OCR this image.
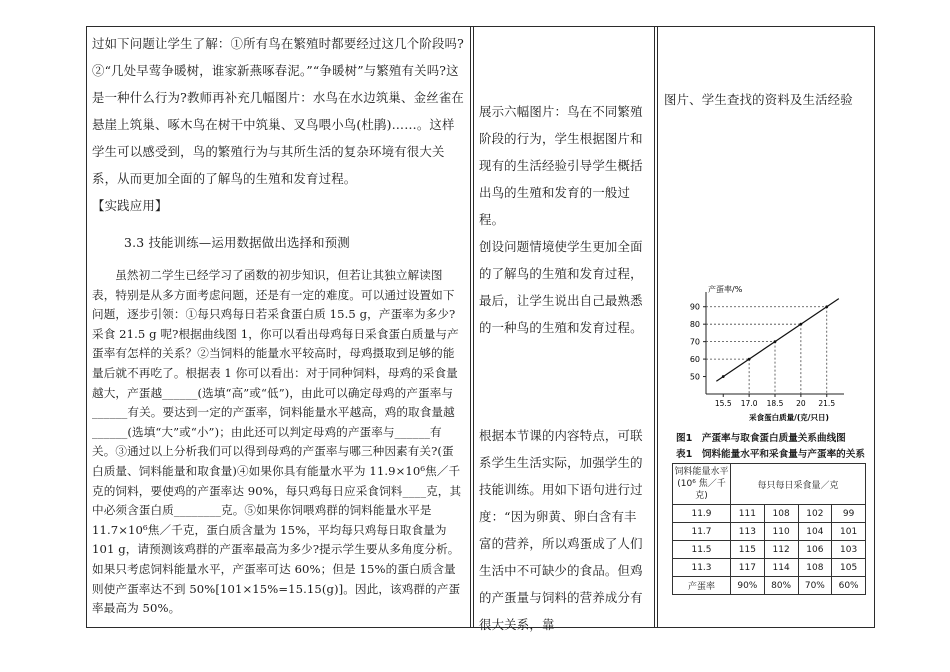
过如下问题让学生了解：①所有鸟在繁殖时都要经过这几个阶段吗?②“几处早莺争暖树，谁家新燕啄春泥。”“争暖树”与繁殖有关吗?这是一种什么行为?教师再补充几幅图片：水鸟在水边筑巢、金丝雀在悬崖上筑巢、啄木鸟在树干中筑巢、叉鸟喂小鸟(杜鹃)……。这样学生可以感受到，鸟的繁殖行为与其所生活的复杂环境有很大关系，从而更加全面的了解鸟的生殖和发育过程。

【实践应用】

3.3 技能训练—运用数据做出选择和预测

虽然初二学生已经学习了函数的初步知识，但若让其独立解读图表，特别是从多方面考虑问题，还是有一定的难度。可以通过设置如下问题，逐步引领：①每只鸡每日若采食蛋白质 15.5 g，产蛋率为多少?采食 21.5 g 呢?根据曲线图 1，你可以看出母鸡每日采食蛋白质量与产蛋率有怎样的关系？②当饲料的能量水平较高时，母鸡摄取到足够的能量后就不再吃了。根据表 1 你可以看出：对于同种饲料，母鸡的采食量越大，产蛋越______(选填“高”或“低”)，由此可以确定母鸡的产蛋率与______有关。要达到一定的产蛋率，饲料能量水平越高，鸡的取食量越______(选填“大”或“小”)；由此还可以判定母鸡的产蛋率与______有关。③通过以上分析我们可以得到母鸡的产蛋率与哪三种因素有关?(蛋白质量、饲料能量和取食量)④如果你具有能量水平为 11.9×10⁶焦／千克的饲料，要使鸡的产蛋率达 90%，每只鸡每日应采食饲料____克，其中必须含蛋白质________克。⑤如果你饲喂鸡群的饲料能量水平是 11.7×10⁶焦／千克，蛋白质含量为 15%，平均每只鸡每日取食量为 101 g，请预测该鸡群的产蛋率最高为多少?提示学生要从多角度分析。如果只考虑饲料能量水平，产蛋率可达 60%；但是 15%的蛋白质含量则使产蛋率达不到 50%[101×15%=15.15(g)]。因此，该鸡群的产蛋率最高为 50%。

展示六幅图片：鸟在不同繁殖阶段的行为，学生根据图片和现有的生活经验引导学生概括出鸟的生殖和发育的一般过程。

创设问题情境使学生更加全面的了解鸟的生殖和发育过程，最后，让学生说出自己最熟悉的一种鸟的生殖和发育过程。

根据本节课的内容特点，可联系学生生活实际，加强学生的技能训练。用如下语句进行过度：“因为卵黄、卵白含有丰富的营养，所以鸡蛋成了人们生活中不可缺少的食品。但鸡的产蛋量与饲料的营养成分有很大关系，靠

图片、学生查找的资料及生活经验

产蛋率/%
50
60
70
80
90
15.5 17.0 18.5 20 21.5
采食蛋白质量/(克/只日)
图1　产蛋率与取食蛋白质量关系曲线图
表1　饲料能量水平和采食量与产蛋率的关系
饲料能量水平
(10⁶ 焦／千克)	每只每日采食量／克			
11.9	111	108	102	99
11.7	113	110	104	101
11.5	115	112	106	103
11.3	117	114	108	105
产蛋率	90%	80%	70%	60%
